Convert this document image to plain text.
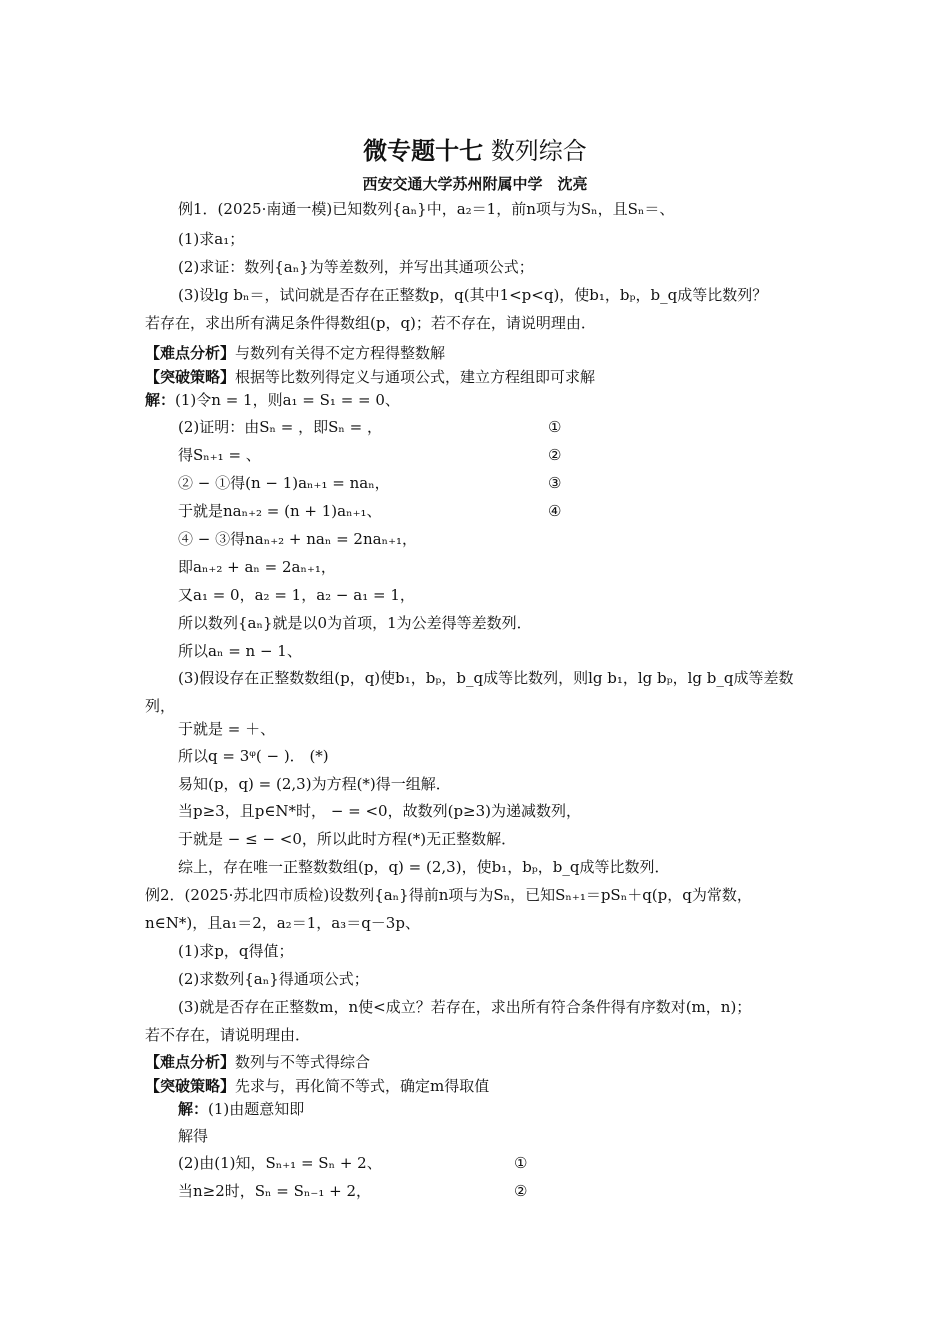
微专题十七 数列综合
西安交通大学苏州附属中学　沈亮
例1．(2025·南通一模)已知数列{aₙ}中，a₂＝1，前n项与为Sₙ，且Sₙ＝、
(1)求a₁；
(2)求证：数列{aₙ}为等差数列，并写出其通项公式；
(3)设lg bₙ＝，试问就是否存在正整数p，q(其中1<p<q)，使b₁，bₚ，b_q成等比数列？
若存在，求出所有满足条件得数组(p，q)；若不存在，请说明理由．
【难点分析】与数列有关得不定方程得整数解
【突破策略】根据等比数列得定义与通项公式，建立方程组即可求解
解：(1)令n = 1，则a₁ = S₁ = = 0、
(2)证明：由Sₙ = ，即Sₙ = ，
得Sₙ₊₁ = 、
② − ①得(n − 1)aₙ₊₁ = naₙ，
于就是naₙ₊₂ = (n + 1)aₙ₊₁、
④ − ③得naₙ₊₂ + naₙ = 2naₙ₊₁，
即aₙ₊₂ + aₙ = 2aₙ₊₁，
又a₁ = 0，a₂ = 1，a₂ − a₁ = 1，
所以数列{aₙ}就是以0为首项，1为公差得等差数列．
所以aₙ = n − 1、
(3)假设存在正整数数组(p，q)使b₁，bₚ，b_q成等比数列，则lg b₁，lg bₚ，lg b_q成等差数
列，
于就是 = ＋、
所以q = 3ᵠ( − )． (*)
易知(p，q) = (2,3)为方程(*)得一组解．
当p≥3，且p∈N*时， − = <0，故数列(p≥3)为递减数列，
于就是 − ≤ − <0，所以此时方程(*)无正整数解．
综上，存在唯一正整数数组(p，q) = (2,3)，使b₁，bₚ，b_q成等比数列．
例2．(2025·苏北四市质检)设数列{aₙ}得前n项与为Sₙ，已知Sₙ₊₁＝pSₙ＋q(p，q为常数，
n∈N*)，且a₁＝2，a₂＝1，a₃＝q－3p、
(1)求p，q得值；
(2)求数列{aₙ}得通项公式；
(3)就是否存在正整数m，n使<成立？若存在，求出所有符合条件得有序数对(m，n)；
若不存在，请说明理由．
【难点分析】数列与不等式得综合
【突破策略】先求与，再化简不等式，确定m得取值
解：(1)由题意知即
解得
(2)由(1)知，Sₙ₊₁ = Sₙ + 2、
当n≥2时，Sₙ = Sₙ₋₁ + 2，
①
②
③
④
①
②
